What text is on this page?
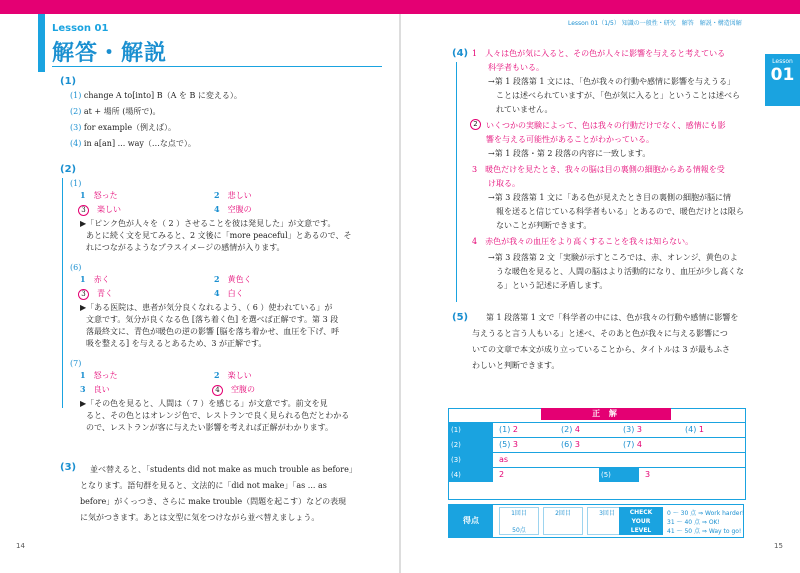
Lesson 01
解答・解説
(1)
(1) change A to[into] B（A を B に変える）。
(2) at + 場所 (場所で)。
(3) for example（例えば）。
(4) in a[an] ... way（…な点で）。
(2)
(1)
1　 怒った	2　 悲しい
3　 楽しい	4　 空腹の
▶「ピンク色が人々を（ 2 ）させることを彼は発見した」が文意です。
あとに続く文を見てみると、2 文後に「more peaceful」とあるので、そ
れにつながるようなプラスイメージの感情が入ります。
(6)
1　 赤く	2　 黄色く
3　 青く	4　 白く
▶「ある医院は、患者が気分良くなれるよう、（ 6 ）使われている」が
文意です。気分が良くなる色 [落ち着く色] を選べば正解です。第 3 段
落最終文に、青色が暖色の逆の影響 [脳を落ち着かせ、血圧を下げ、呼
吸を整える] を与えるとあるため、3 が正解です。
(7)
1　 怒った	2　 楽しい
3　 良い	4　 空腹の
▶「その色を見ると、人間は（ 7 ）を感じる」が文意です。前文を見
ると、その色とはオレンジ色で、レストランで良く見られる色だとわかる
ので、レストランが客に与えたい影響を考えれば正解がわかります。
(3) 並べ替えると、「students did not make as much trouble as before」
となります。語句群を見ると、文法的に「did not make」「as ... as
before」がくっつき、さらに make trouble（問題を起こす）などの表現
に気がつきます。あとは文型に気をつけながら並べ替えましょう。
14
Lesson 01（1/5） 知識の一般性・研究　解答　解説・構造図解
Lesson
01
(4) 1　人々は色が気に入ると、その色が人々に影響を与えると考えている
　　科学者もいる。
→第 1 段落第 1 文には、「色が我々の行動や感情に影響を与えうる」
ことは述べられていますが、「色が気に入ると」ということは述べら
れていません。
2	いくつかの実験によって、色は我々の行動だけでなく、感情にも影
響を与える可能性があることがわかっている。
→第 1 段落・第 2 段落の内容に一致します。
3　暖色だけを見たとき、我々の脳は目の裏側の細胞からある情報を受
　　け取る。
→第 3 段落第 1 文に「ある色が見えたとき目の裏側の細胞が脳に情
報を送ると信じている科学者もいる」とあるので、暖色だけとは限ら
ないことが判断できます。
4　赤色が我々の血圧をより高くすることを我々は知らない。
→第 3 段落第 2 文「実験が示すところでは、赤、オレンジ、黄色のよ
うな暖色を見ると、人間の脳はより活動的になり、血圧が少し高くな
る」という記述に矛盾します。
(5) 第 1 段落第 1 文で「科学者の中には、色が我々の行動や感情に影響を
与えうると言う人もいる」と述べ、そのあと色が我々に与える影響につ
いての文章で本文が成り立っていることから、タイトルは 3 が最もふさ
わしいと判断できます。
正 解
(1)	(1) 2	(2) 4	(3) 3	(4) 1
(2)	(5) 3	(6) 3	(7) 4
(3)	as
(4)	2	(5)	3
得点
1回目
50点
2回目	3回目	CHECK
YOUR
LEVEL
0 ～ 30 点 ⇒ Work harder!
31 ～ 40 点 ⇒ OK!
41 ～ 50 点 ⇒ Way to go!
15
